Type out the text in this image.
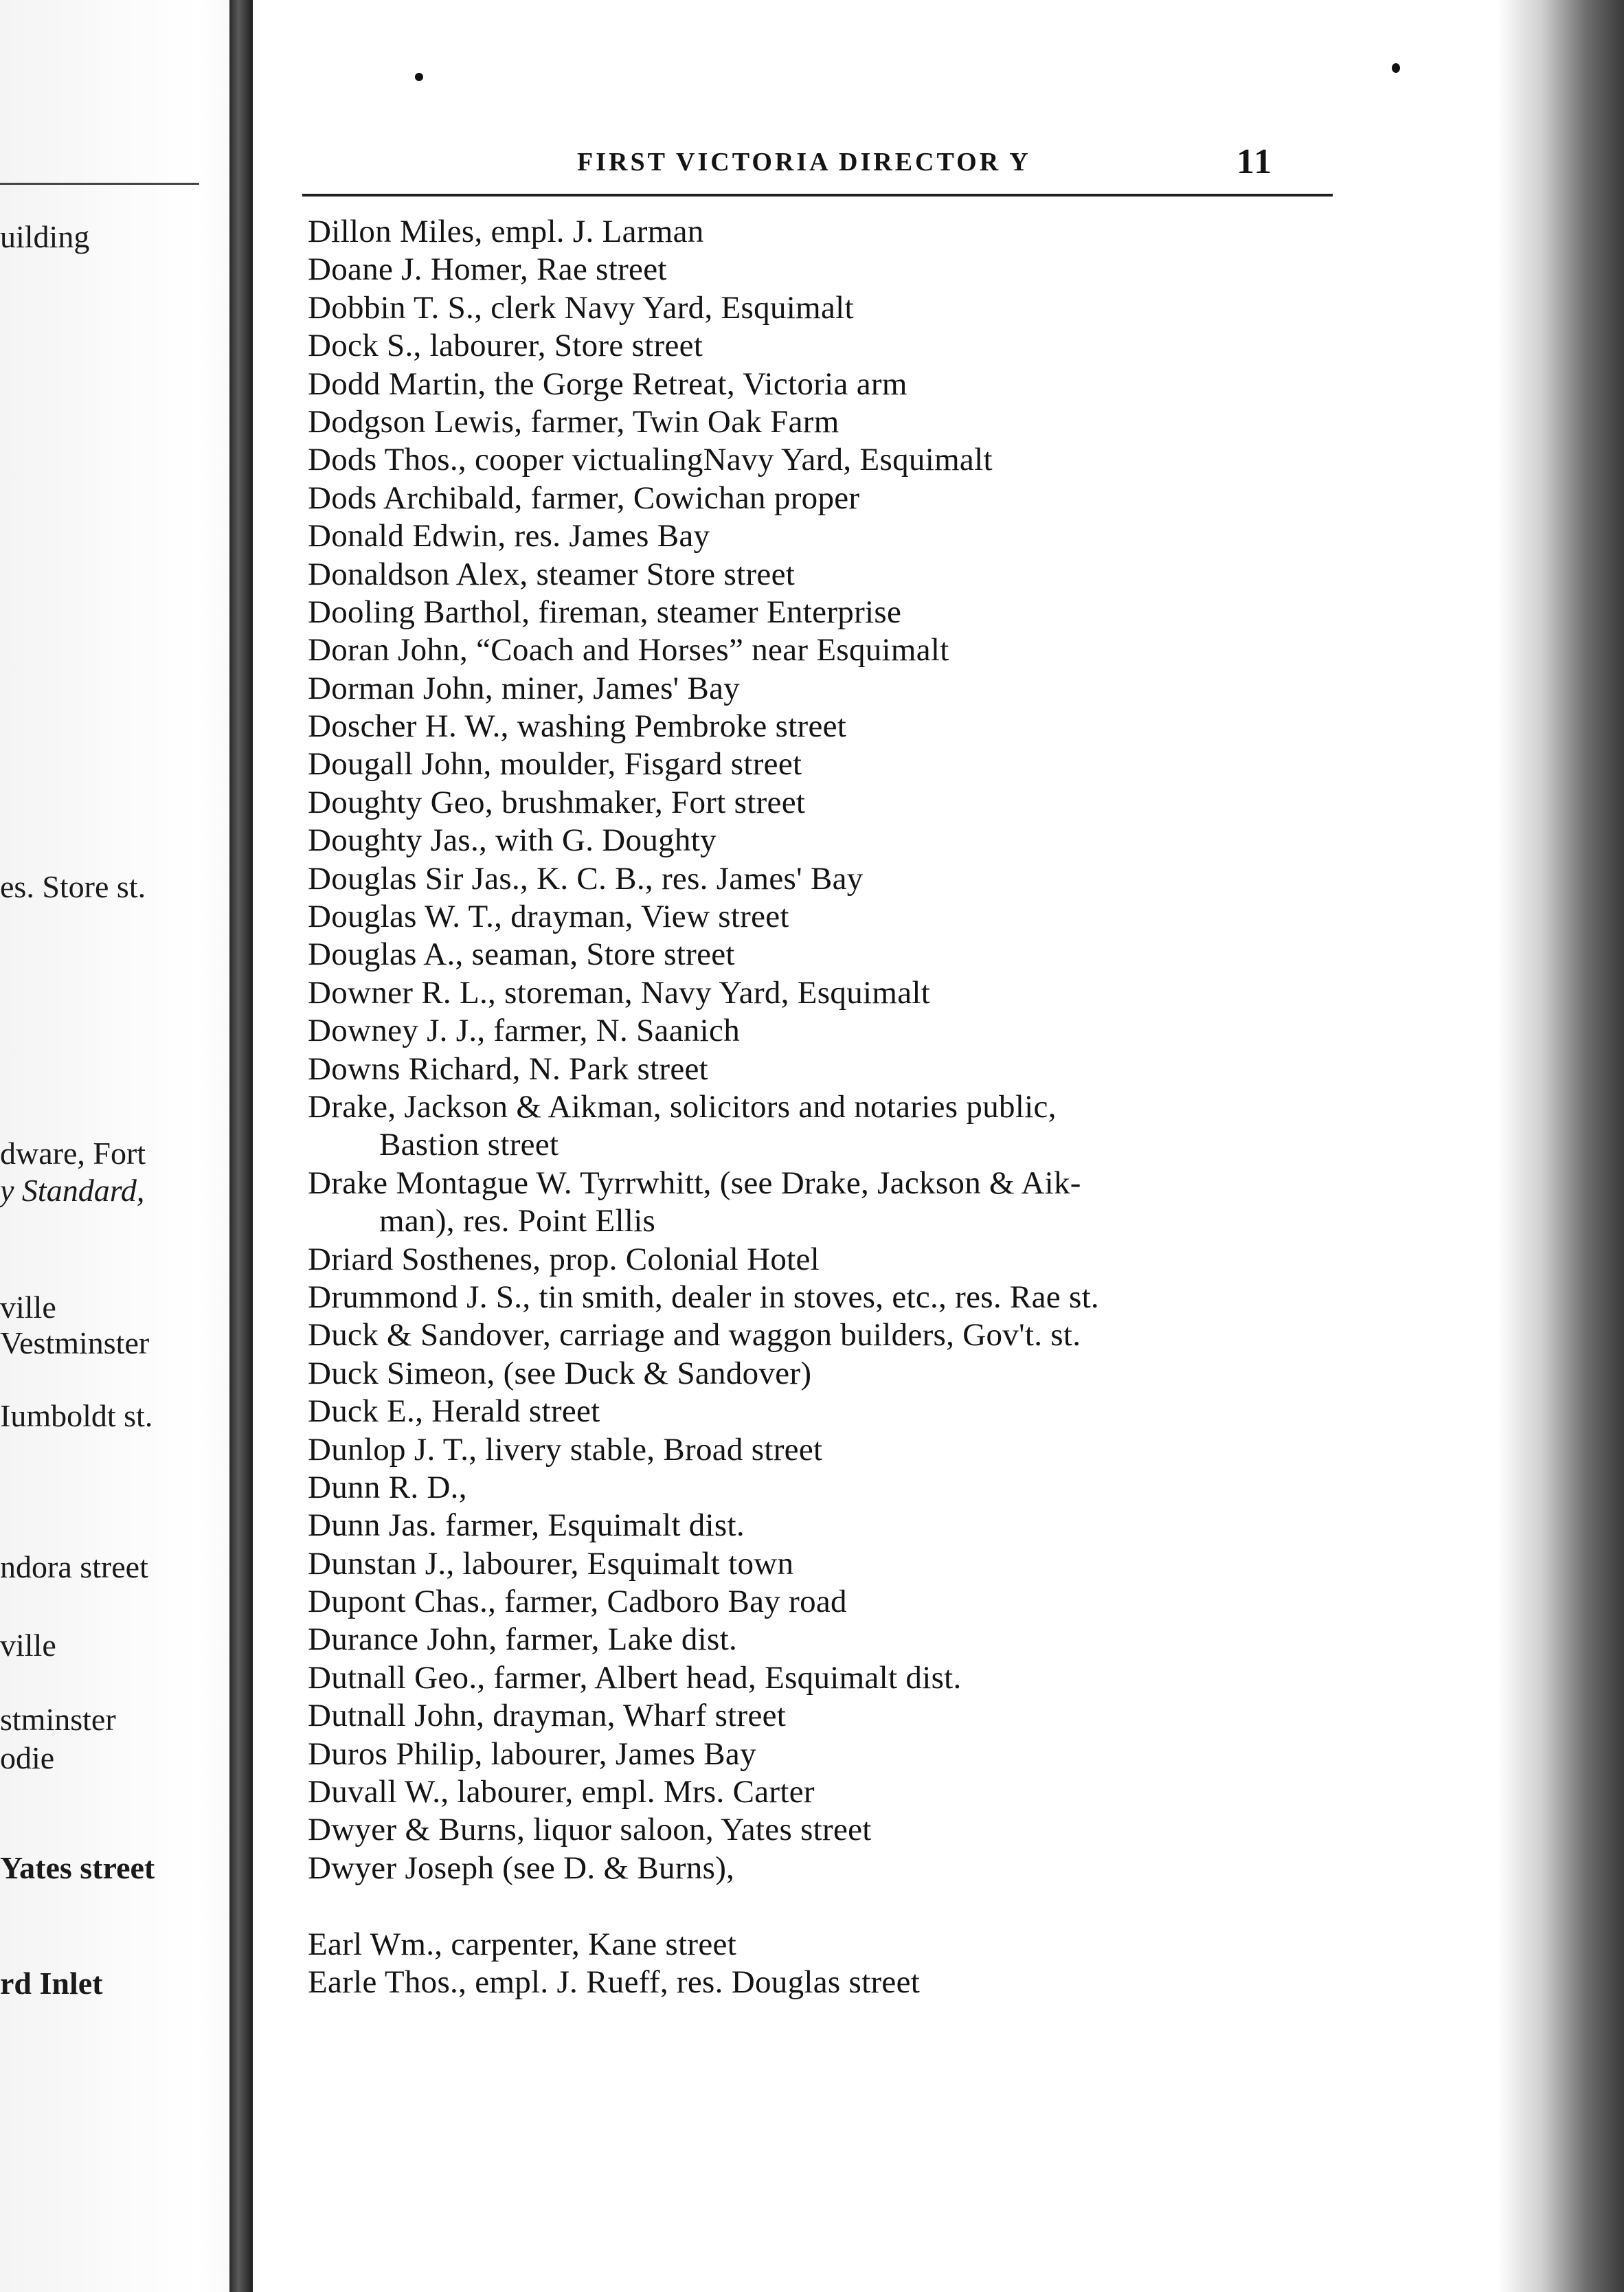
uilding
es. Store st.
dware, Fort
y Standard,
ville
Vestminster
Iumboldt st.
ndora street
ville
stminster
odie
Yates street
rd Inlet
FIRST VICTORIA DIRECTOR Y	11
Dillon Miles, empl. J. Larman
Doane J. Homer, Rae street
Dobbin T. S., clerk Navy Yard, Esquimalt
Dock S., labourer, Store street
Dodd Martin, the Gorge Retreat, Victoria arm
Dodgson Lewis, farmer, Twin Oak Farm
Dods Thos., cooper victualingNavy Yard, Esquimalt
Dods Archibald, farmer, Cowichan proper
Donald Edwin, res. James Bay
Donaldson Alex, steamer Store street
Dooling Barthol, fireman, steamer Enterprise
Doran John, “Coach and Horses” near Esquimalt
Dorman John, miner, James' Bay
Doscher H. W., washing Pembroke street
Dougall John, moulder, Fisgard street
Doughty Geo, brushmaker, Fort street
Doughty Jas., with G. Doughty
Douglas Sir Jas., K. C. B., res. James' Bay
Douglas W. T., drayman, View street
Douglas A., seaman, Store street
Downer R. L., storeman, Navy Yard, Esquimalt
Downey J. J., farmer, N. Saanich
Downs Richard, N. Park street
Drake, Jackson & Aikman, solicitors and notaries public,
Bastion street
Drake Montague W. Tyrrwhitt, (see Drake, Jackson & Aik-
man), res. Point Ellis
Driard Sosthenes, prop. Colonial Hotel
Drummond J. S., tin smith, dealer in stoves, etc., res. Rae st.
Duck & Sandover, carriage and waggon builders, Gov't. st.
Duck Simeon, (see Duck & Sandover)
Duck E., Herald street
Dunlop J. T., livery stable, Broad street
Dunn R. D.,
Dunn Jas. farmer, Esquimalt dist.
Dunstan J., labourer, Esquimalt town
Dupont Chas., farmer, Cadboro Bay road
Durance John, farmer, Lake dist.
Dutnall Geo., farmer, Albert head, Esquimalt dist.
Dutnall John, drayman, Wharf street
Duros Philip, labourer, James Bay
Duvall W., labourer, empl. Mrs. Carter
Dwyer & Burns, liquor saloon, Yates street
Dwyer Joseph (see D. & Burns),
Earl Wm., carpenter, Kane street
Earle Thos., empl. J. Rueff, res. Douglas street
